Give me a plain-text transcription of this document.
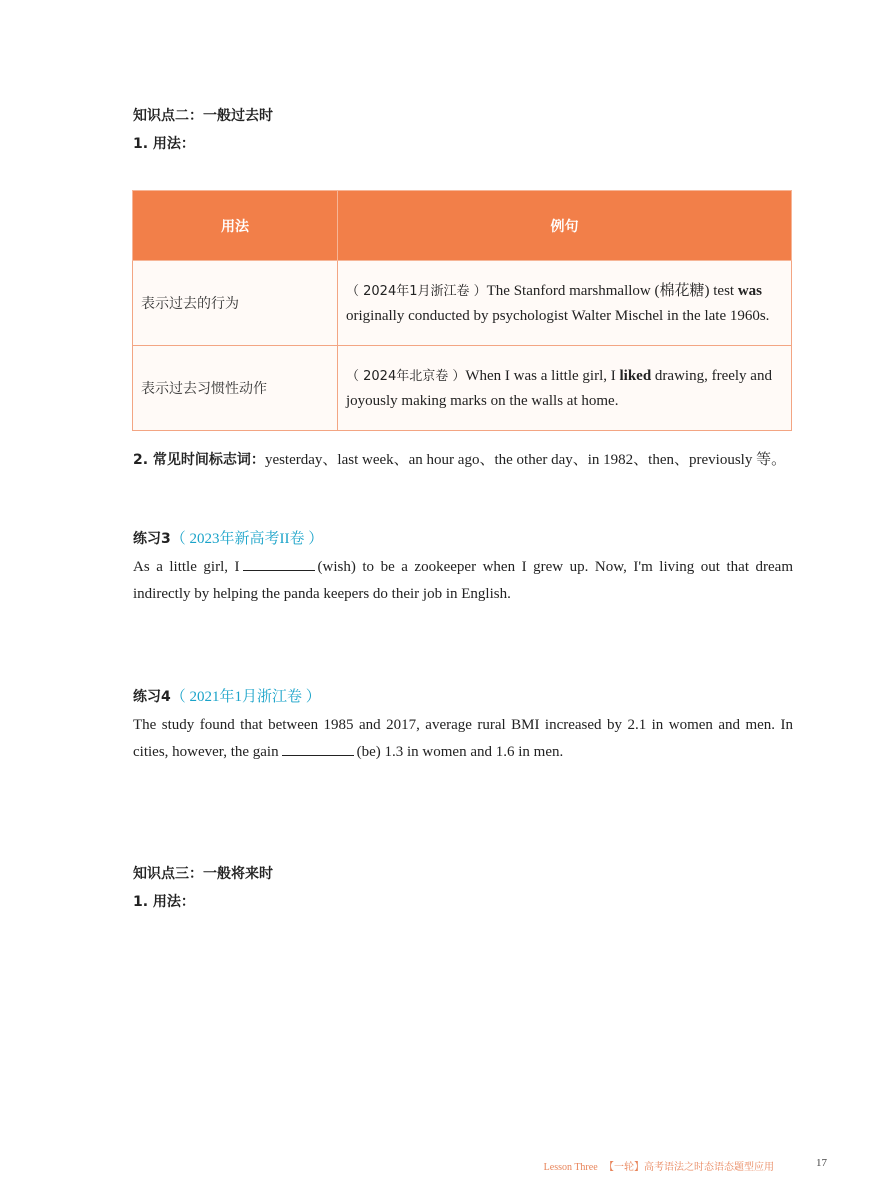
知识点二：一般过去时
1. 用法：
用法	例句
表示过去的行为	（ 2024年1月浙江卷 ）The Stanford marshmallow (棉花糖) test was originally conducted by psychologist Walter Mischel in the late 1960s.
表示过去习惯性动作	（ 2024年北京卷 ）When I was a little girl, I liked drawing, freely and joyously making marks on the walls at home.
2. 常见时间标志词：yesterday、last week、an hour ago、the other day、in 1982、then、previously 等。
练习3（ 2023年新高考II卷 ）
As a little girl, I	(wish) to be a zookeeper when I grew up. Now, I'm living out that dream indirectly by helping the panda keepers do their job in English.
练习4（ 2021年1月浙江卷 ）
The study found that between 1985 and 2017, average rural BMI increased by 2.1 in women and men. In cities, however, the gain	(be) 1.3 in women and 1.6 in men.
知识点三：一般将来时
1. 用法：
Lesson Three 【一轮】高考语法之时态语态题型应用	17
